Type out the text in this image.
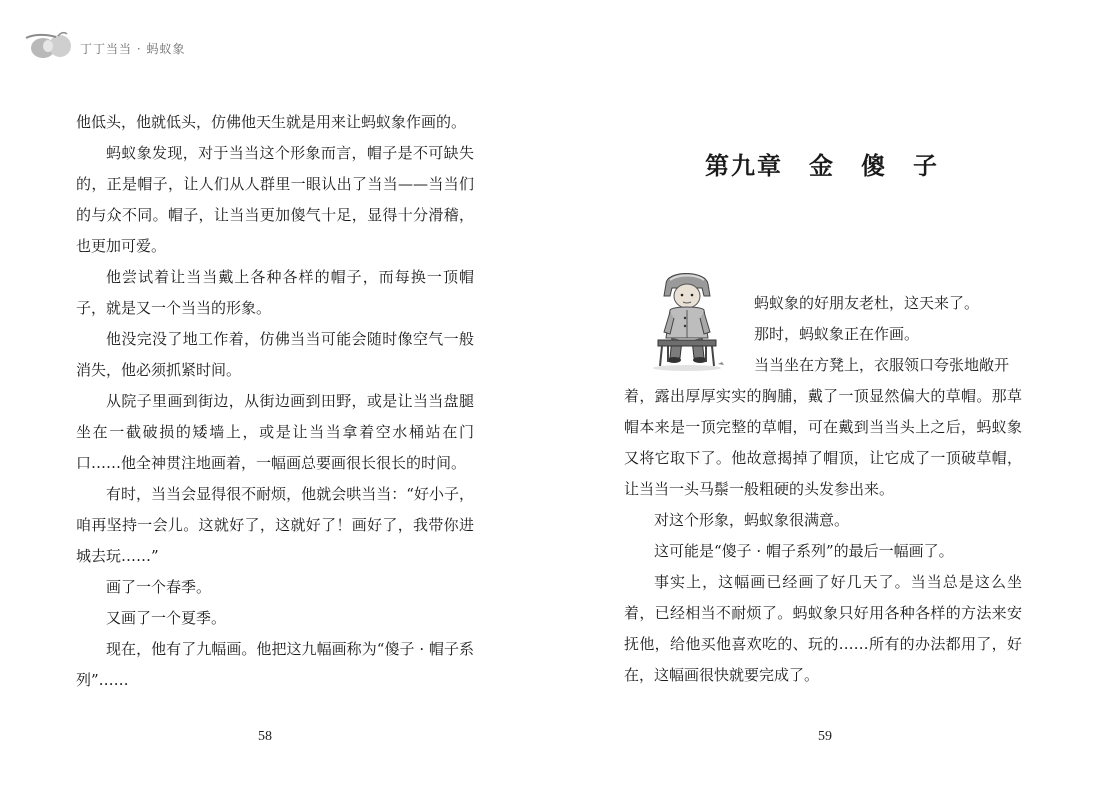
丁丁当当 · 蚂蚁象

他低头，他就低头，仿佛他天生就是用来让蚂蚁象作画的。

蚂蚁象发现，对于当当这个形象而言，帽子是不可缺失的，正是帽子，让人们从人群里一眼认出了当当——当当们的与众不同。帽子，让当当更加傻气十足，显得十分滑稽，也更加可爱。

他尝试着让当当戴上各种各样的帽子，而每换一顶帽子，就是又一个当当的形象。

他没完没了地工作着，仿佛当当可能会随时像空气一般消失，他必须抓紧时间。

从院子里画到街边，从街边画到田野，或是让当当盘腿坐在一截破损的矮墙上，或是让当当拿着空水桶站在门口……他全神贯注地画着，一幅画总要画很长很长的时间。

有时，当当会显得很不耐烦，他就会哄当当：“好小子，咱再坚持一会儿。这就好了，这就好了！画好了，我带你进城去玩……”

画了一个春季。

又画了一个夏季。

现在，他有了九幅画。他把这九幅画称为“傻子 · 帽子系列”……

58
第九章　金　傻　子

蚂蚁象的好朋友老杜，这天来了。

那时，蚂蚁象正在作画。

当当坐在方凳上，衣服领口夸张地敞开

着，露出厚厚实实的胸脯，戴了一顶显然偏大的草帽。那草帽本来是一顶完整的草帽，可在戴到当当头上之后，蚂蚁象又将它取下了。他故意揭掉了帽顶，让它成了一顶破草帽，让当当一头马鬃一般粗硬的头发参出来。

对这个形象，蚂蚁象很满意。

这可能是“傻子 · 帽子系列”的最后一幅画了。

事实上，这幅画已经画了好几天了。当当总是这么坐着，已经相当不耐烦了。蚂蚁象只好用各种各样的方法来安抚他，给他买他喜欢吃的、玩的……所有的办法都用了，好在，这幅画很快就要完成了。

59
